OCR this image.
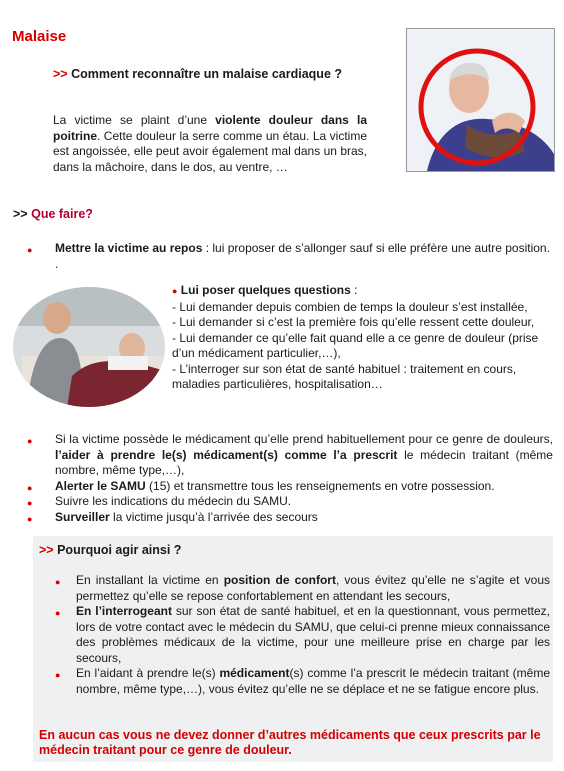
Malaise
>> Comment reconnaître un malaise cardiaque ?
La victime se plaint d’une violente douleur dans la poitrine. Cette douleur la serre comme un étau. La victime est angoissée, elle peut avoir également mal dans un bras, dans la mâchoire, dans le dos, au ventre, …
>> Que faire?
● Mettre la victime au repos : lui proposer de s’allonger sauf si elle préfère une autre position. .
● Lui poser quelques questions :
- Lui demander depuis combien de temps la douleur s’est installée,
- Lui demander si c’est la première fois qu’elle ressent cette douleur,
- Lui demander ce qu’elle fait quand elle a ce genre de douleur (prise d’un médicament particulier,…),
- L’interroger sur son état de santé habituel : traitement en cours, maladies particulières, hospitalisation…
● Si la victime possède le médicament qu’elle prend habituellement pour ce genre de douleurs, l’aider à prendre le(s) médicament(s) comme l’a prescrit le médecin traitant (même nombre, même type,…),
● Alerter le SAMU (15) et transmettre tous les renseignements en votre possession.
● Suivre les indications du médecin du SAMU.
● Surveiller la victime jusqu’à l’arrivée des secours
>> Pourquoi agir ainsi ?
● En installant la victime en position de confort, vous évitez qu’elle ne s’agite et vous permettez qu’elle se repose confortablement en attendant les secours,
● En l’interrogeant sur son état de santé habituel, et en la questionnant, vous permettez, lors de votre contact avec le médecin du SAMU, que celui-ci prenne mieux connaissance des problèmes médicaux de la victime, pour une meilleure prise en charge par les secours,
● En l’aidant à prendre le(s) médicament(s) comme l’a prescrit le médecin traitant (même nombre, même type,…), vous évitez qu’elle ne se déplace et ne se fatigue encore plus.
En aucun cas vous ne devez donner d’autres médicaments que ceux prescrits par le médecin traitant pour ce genre de douleur.
